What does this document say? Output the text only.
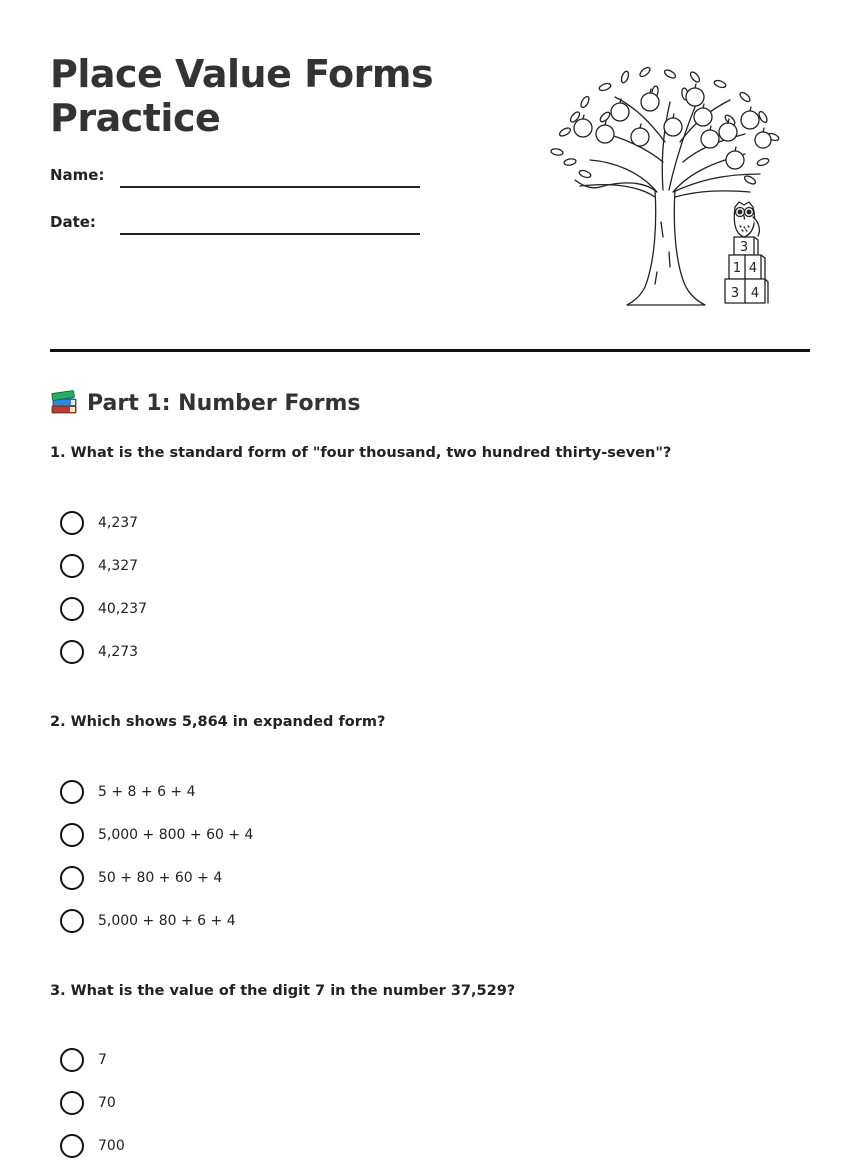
Place Value Forms
Practice
Name:
Date:
3
1 4
3 4
Part 1: Number Forms

1. What is the standard form of "four thousand, two hundred thirty-seven"?

4,237
4,327
40,237
4,273

2. Which shows 5,864 in expanded form?

5 + 8 + 6 + 4
5,000 + 800 + 60 + 4
50 + 80 + 60 + 4
5,000 + 80 + 6 + 4

3. What is the value of the digit 7 in the number 37,529?

7
70
700
